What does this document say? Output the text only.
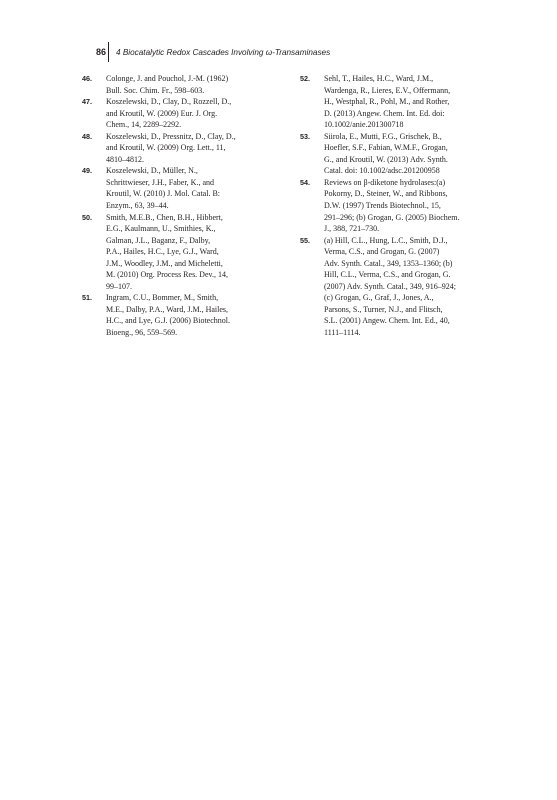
86	4 Biocatalytic Redox Cascades Involving ω-Transaminases
46.	Colonge, J. and Pouchol, J.-M. (1962)
Bull. Soc. Chim. Fr., 598–603.
47.	Koszelewski, D., Clay, D., Rozzell, D.,
and Kroutil, W. (2009) Eur. J. Org.
Chem., 14, 2289–2292.
48.	Koszelewski, D., Pressnitz, D., Clay, D.,
and Kroutil, W. (2009) Org. Lett., 11,
4810–4812.
49.	Koszelewski, D., Müller, N.,
Schrittwieser, J.H., Faber, K., and
Kroutil, W. (2010) J. Mol. Catal. B:
Enzym., 63, 39–44.
50.	Smith, M.E.B., Chen, B.H., Hibbert,
E.G., Kaulmann, U., Smithies, K.,
Galman, J.L., Baganz, F., Dalby,
P.A., Hailes, H.C., Lye, G.J., Ward,
J.M., Woodley, J.M., and Micheletti,
M. (2010) Org. Process Res. Dev., 14,
99–107.
51.	Ingram, C.U., Bommer, M., Smith,
M.E., Dalby, P.A., Ward, J.M., Hailes,
H.C., and Lye, G.J. (2006) Biotechnol.
Bioeng., 96, 559–569.
52.	Sehl, T., Hailes, H.C., Ward, J.M.,
Wardenga, R., Lieres, E.V., Offermann,
H., Westphal, R., Pohl, M., and Rother,
D. (2013) Angew. Chem. Int. Ed. doi:
10.1002/anie.201300718
53.	Siirola, E., Mutti, F.G., Grischek, B.,
Hoefler, S.F., Fabian, W.M.F., Grogan,
G., and Kroutil, W. (2013) Adv. Synth.
Catal. doi: 10.1002/adsc.201200958
54.	Reviews on β-diketone hydrolases:(a)
Pokorny, D., Steiner, W., and Ribbons,
D.W. (1997) Trends Biotechnol., 15,
291–296; (b) Grogan, G. (2005) Biochem.
J., 388, 721–730.
55.	(a) Hill, C.L., Hung, L.C., Smith, D.J.,
Verma, C.S., and Grogan, G. (2007)
Adv. Synth. Catal., 349, 1353–1360; (b)
Hill, C.L., Verma, C.S., and Grogan, G.
(2007) Adv. Synth. Catal., 349, 916–924;
(c) Grogan, G., Graf, J., Jones, A.,
Parsons, S., Turner, N.J., and Flitsch,
S.L. (2001) Angew. Chem. Int. Ed., 40,
1111–1114.
